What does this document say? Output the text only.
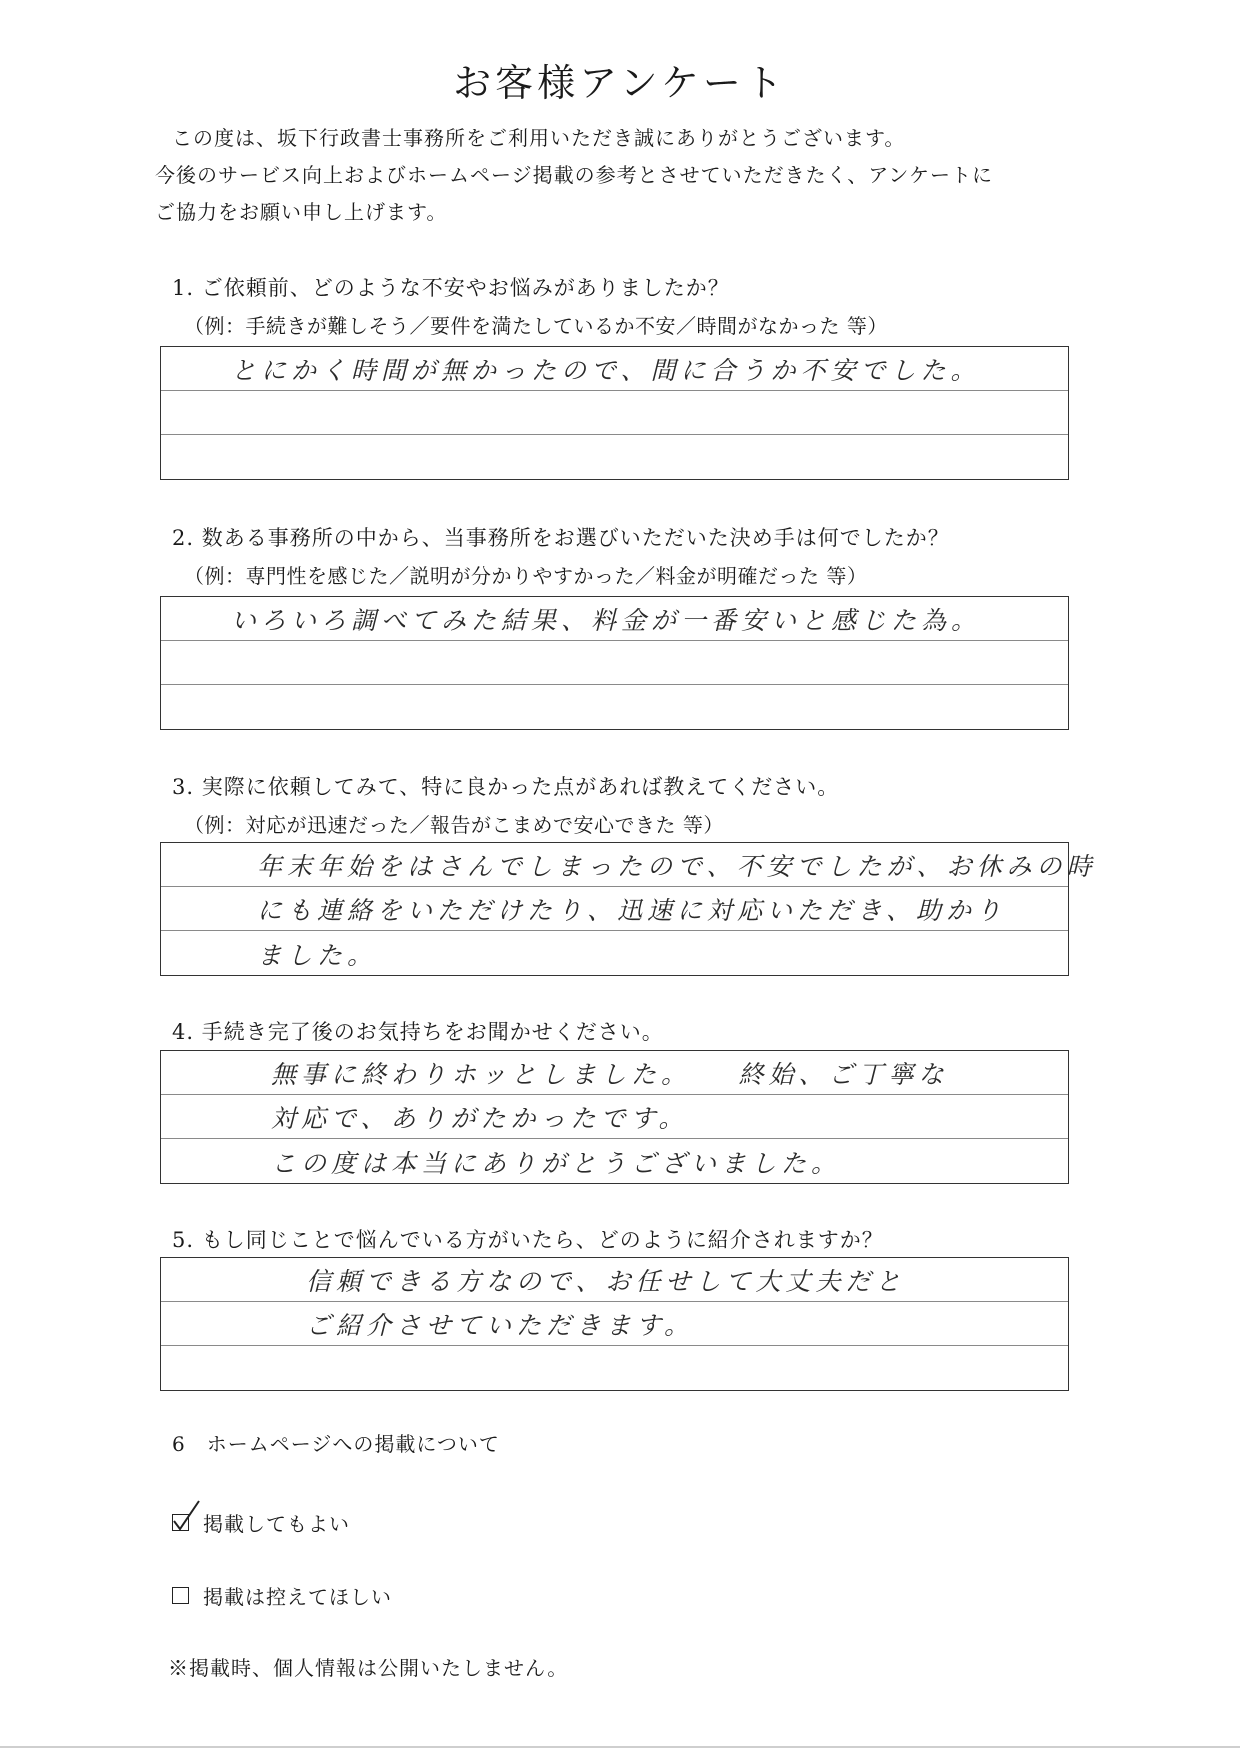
お客様アンケート
この度は、坂下行政書士事務所をご利用いただき誠にありがとうございます。
今後のサービス向上およびホームページ掲載の参考とさせていただきたく、アンケートに
ご協力をお願い申し上げます。
1. ご依頼前、どのような不安やお悩みがありましたか？
（例：手続きが難しそう／要件を満たしているか不安／時間がなかった 等）
とにかく時間が無かったので、間に合うか不安でした。
2. 数ある事務所の中から、当事務所をお選びいただいた決め手は何でしたか？
（例：専門性を感じた／説明が分かりやすかった／料金が明確だった 等）
いろいろ調べてみた結果、料金が一番安いと感じた為。
3. 実際に依頼してみて、特に良かった点があれば教えてください。
（例：対応が迅速だった／報告がこまめで安心できた 等）
年末年始をはさんでしまったので、不安でしたが、お休みの時
にも連絡をいただけたり、迅速に対応いただき、助かり
ました。
4. 手続き完了後のお気持ちをお聞かせください。
無事に終わりホッとしました。　　終始、ご丁寧な
対応で、ありがたかったです。
この度は本当にありがとうございました。
5. もし同じことで悩んでいる方がいたら、どのように紹介されますか？
信頼できる方なので、お任せして大丈夫だと
ご紹介させていただきます。
6　ホームページへの掲載について
掲載してもよい
掲載は控えてほしい
※掲載時、個人情報は公開いたしません。
